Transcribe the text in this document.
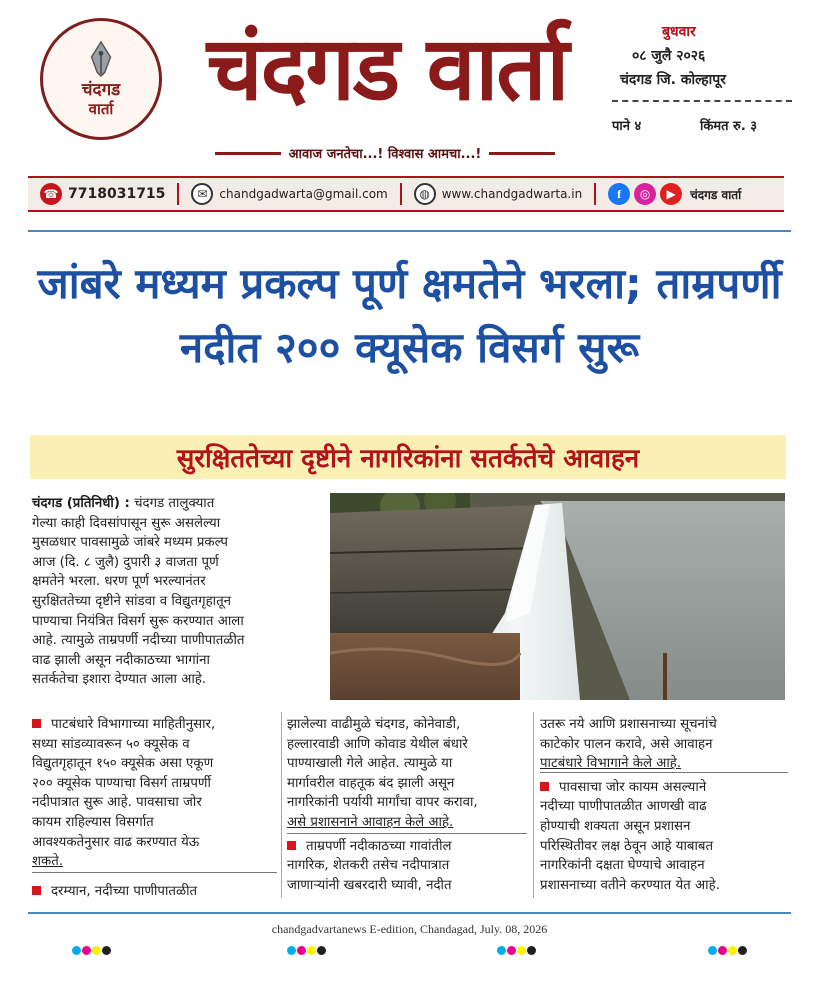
चंदगड
वार्ता	चंदगड वार्ता
आवाज जनतेचा...! विश्वास आमचा...!
बुधवार
०८ जुलै २०२६
चंदगड जि. कोल्हापूर
पाने ४	किंमत रु. ३
☎ 7718031715	✉ chandgadwarta@gmail.com	◍ www.chandgadwarta.in	f	◎	▶	चंदगड वार्ता
जांबरे मध्यम प्रकल्प पूर्ण क्षमतेने भरला; ताम्रपर्णी
नदीत २०० क्यूसेक विसर्ग सुरू
सुरक्षिततेच्या दृष्टीने नागरिकांना सतर्कतेचे आवाहन
चंदगड (प्रतिनिधी) : चंदगड तालुक्यात
गेल्या काही दिवसांपासून सुरू असलेल्या
मुसळधार पावसामुळे जांबरे मध्यम प्रकल्प
आज (दि. ८ जुलै) दुपारी ३ वाजता पूर्ण
क्षमतेने भरला. धरण पूर्ण भरल्यानंतर
सुरक्षिततेच्या दृष्टीने सांडवा व विद्युतगृहातून
पाण्याचा नियंत्रित विसर्ग सुरू करण्यात आला
आहे. त्यामुळे ताम्रपर्णी नदीच्या पाणीपातळीत
वाढ झाली असून नदीकाठच्या भागांना
सतर्कतेचा इशारा देण्यात आला आहे.
पाटबंधारे विभागाच्या माहितीनुसार,
सध्या सांडव्यावरून ५० क्यूसेक व
विद्युतगृहातून १५० क्यूसेक असा एकूण
२०० क्यूसेक पाण्याचा विसर्ग ताम्रपर्णी
नदीपात्रात सुरू आहे. पावसाचा जोर
कायम राहिल्यास विसर्गात
आवश्यकतेनुसार वाढ करण्यात येऊ
शकते.
दरम्यान, नदीच्या पाणीपातळीत
झालेल्या वाढीमुळे चंदगड, कोनेवाडी,
हल्लारवाडी आणि कोवाड येथील बंधारे
पाण्याखाली गेले आहेत. त्यामुळे या
मार्गावरील वाहतूक बंद झाली असून
नागरिकांनी पर्यायी मार्गांचा वापर करावा,
असे प्रशासनाने आवाहन केले आहे.
ताम्रपर्णी नदीकाठच्या गावांतील
नागरिक, शेतकरी तसेच नदीपात्रात
जाणाऱ्यांनी खबरदारी घ्यावी, नदीत
उतरू नये आणि प्रशासनाच्या सूचनांचे
काटेकोर पालन करावे, असे आवाहन
पाटबंधारे विभागाने केले आहे.
पावसाचा जोर कायम असल्याने
नदीच्या पाणीपातळीत आणखी वाढ
होण्याची शक्यता असून प्रशासन
परिस्थितीवर लक्ष ठेवून आहे याबाबत
नागरिकांनी दक्षता घेण्याचे आवाहन
प्रशासनाच्या वतीने करण्यात येत आहे.
chandgadvartanews E-edition, Chandagad, July. 08, 2026
